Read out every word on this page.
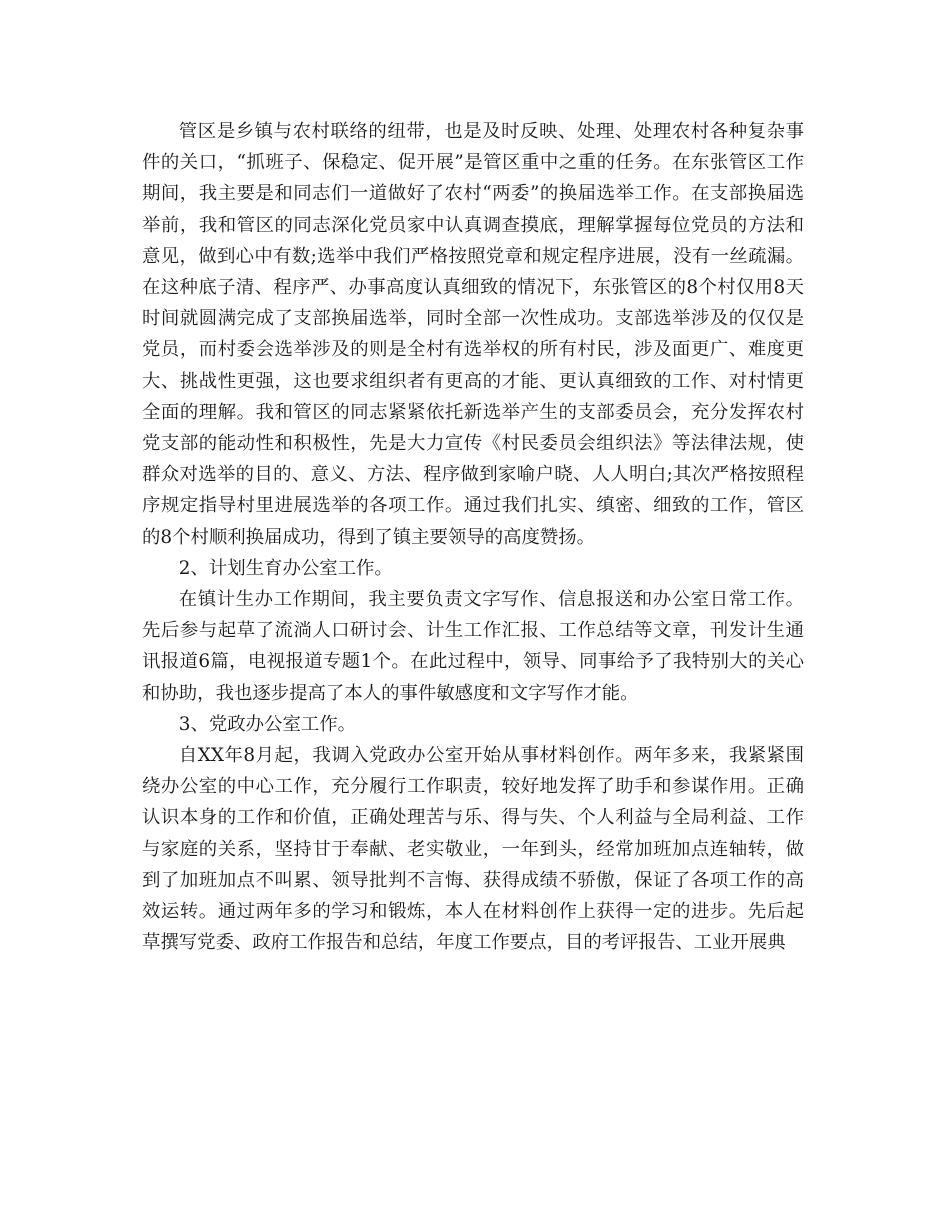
管区是乡镇与农村联络的纽带，也是及时反映、处理、处理农村各种复杂事件的关口，“抓班子、保稳定、促开展”是管区重中之重的任务。在东张管区工作期间，我主要是和同志们一道做好了农村“两委”的换届选举工作。在支部换届选举前，我和管区的同志深化党员家中认真调查摸底，理解掌握每位党员的方法和意见，做到心中有数;选举中我们严格按照党章和规定程序进展，没有一丝疏漏。在这种底子清、程序严、办事高度认真细致的情况下，东张管区的8个村仅用8天时间就圆满完成了支部换届选举，同时全部一次性成功。支部选举涉及的仅仅是党员，而村委会选举涉及的则是全村有选举权的所有村民，涉及面更广、难度更大、挑战性更强，这也要求组织者有更高的才能、更认真细致的工作、对村情更全面的理解。我和管区的同志紧紧依托新选举产生的支部委员会，充分发挥农村党支部的能动性和积极性，先是大力宣传《村民委员会组织法》等法律法规，使群众对选举的目的、意义、方法、程序做到家喻户晓、人人明白;其次严格按照程序规定指导村里进展选举的各项工作。通过我们扎实、缜密、细致的工作，管区的8个村顺利换届成功，得到了镇主要领导的高度赞扬。

2、计划生育办公室工作。

在镇计生办工作期间，我主要负责文字写作、信息报送和办公室日常工作。先后参与起草了流淌人口研讨会、计生工作汇报、工作总结等文章，刊发计生通讯报道6篇，电视报道专题1个。在此过程中，领导、同事给予了我特别大的关心和协助，我也逐步提高了本人的事件敏感度和文字写作才能。

3、党政办公室工作。

自XX年8月起，我调入党政办公室开始从事材料创作。两年多来，我紧紧围绕办公室的中心工作，充分履行工作职责，较好地发挥了助手和参谋作用。正确认识本身的工作和价值，正确处理苦与乐、得与失、个人利益与全局利益、工作与家庭的关系，坚持甘于奉献、老实敬业，一年到头，经常加班加点连轴转，做到了加班加点不叫累、领导批判不言悔、获得成绩不骄傲，保证了各项工作的高效运转。通过两年多的学习和锻炼，本人在材料创作上获得一定的进步。先后起草撰写党委、政府工作报告和总结，年度工作要点，目的考评报告、工业开展典
